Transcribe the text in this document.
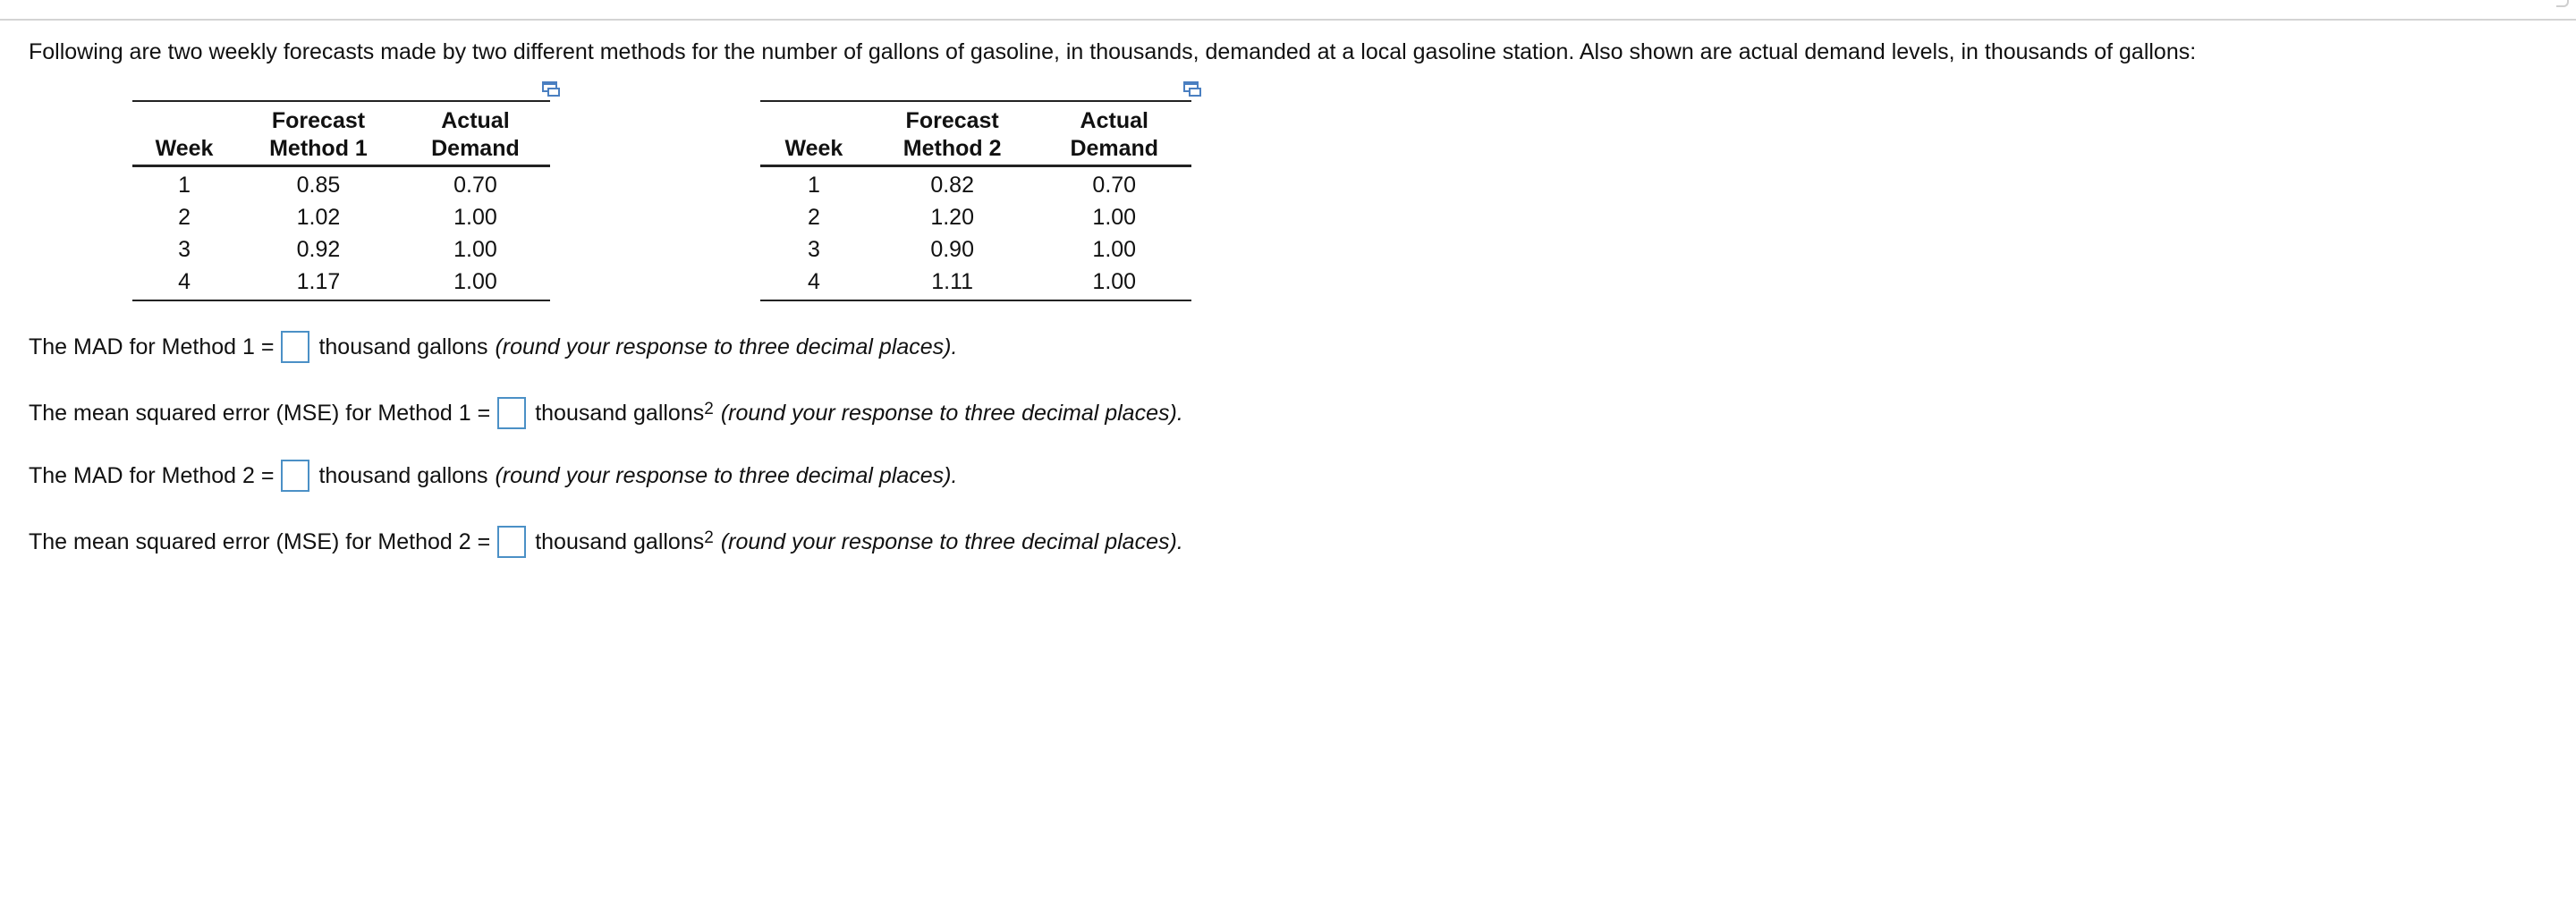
Following are two weekly forecasts made by two different methods for the number of gallons of gasoline, in thousands, demanded at a local gasoline station. Also shown are actual demand levels, in thousands of gallons:

	Forecast	Actual
Week	Method 1	Demand
1	0.85	0.70
2	1.02	1.00
3	0.92	1.00
4	1.17	1.00
	Forecast	Actual
Week	Method 2	Demand
1	0.82	0.70
2	1.20	1.00
3	0.90	1.00
4	1.11	1.00
The MAD for Method 1 = thousand gallons (round your response to three decimal places).
The mean squared error (MSE) for Method 1 = thousand gallons$^2$ (round your response to three decimal places).
The MAD for Method 2 = thousand gallons (round your response to three decimal places).
The mean squared error (MSE) for Method 2 = thousand gallons$^2$ (round your response to three decimal places).
